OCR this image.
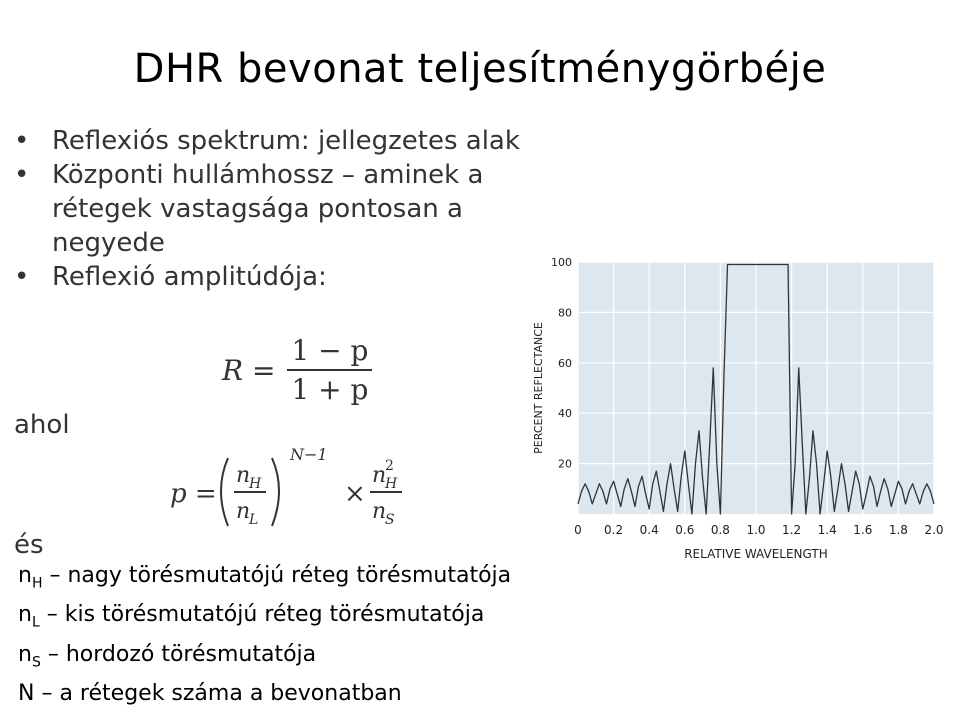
DHR bevonat teljesítménygörbéje
• Reflexiós spektrum: jellegzetes alak
• Központi hullámhossz – aminek a rétegek vastagsága pontosan a negyede
• Reflexió amplitúdója:
$R = \frac{1 - p}{1 + p}$
ahol
p =
n
H
n
L
N−1
×
n
2
H
n
S
és
$n_H$ – nagy törésmutatójú réteg törésmutatója
$n_L$ – kis törésmutatójú réteg törésmutatója
$n_S$ – hordozó törésmutatója
N – a rétegek száma a bevonatban
0 0.2 0.4 0.6 0.8 1.0 1.2 1.4 1.6 1.8 2.0
20
40
60
80
100
RELATIVE WAVELENGTH
PERCENT REFLECTANCE
